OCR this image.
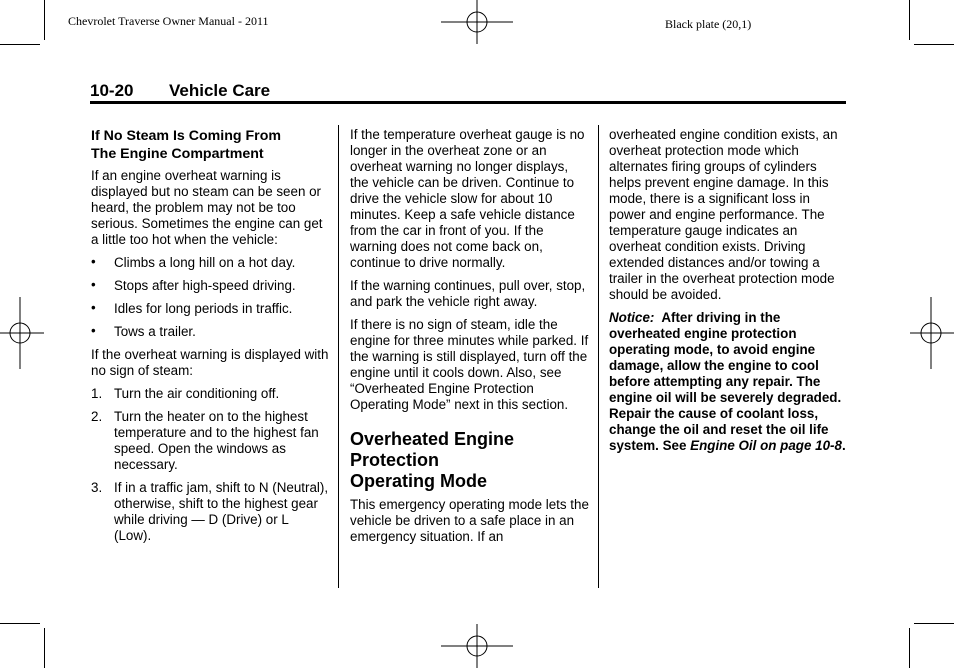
Chevrolet Traverse Owner Manual - 2011	Black plate (20,1)
10-20 Vehicle Care
If No Steam Is Coming From
The Engine Compartment

If an engine overheat warning is displayed but no steam can be seen or heard, the problem may not be too serious. Sometimes the engine can get a little too hot when the vehicle:

• Climbs a long hill on a hot day.
• Stops after high-speed driving.
• Idles for long periods in traffic.
• Tows a trailer.

If the overheat warning is displayed with no sign of steam:

1. Turn the air conditioning off.
2. Turn the heater on to the highest temperature and to the highest fan speed. Open the windows as necessary.
3. If in a traffic jam, shift to N (Neutral), otherwise, shift to the highest gear while driving — D (Drive) or L (Low).

If the temperature overheat gauge is no longer in the overheat zone or an overheat warning no longer displays, the vehicle can be driven. Continue to drive the vehicle slow for about 10 minutes. Keep a safe vehicle distance from the car in front of you. If the warning does not come back on, continue to drive normally.

If the warning continues, pull over, stop, and park the vehicle right away.

If there is no sign of steam, idle the engine for three minutes while parked. If the warning is still displayed, turn off the engine until it cools down. Also, see “Overheated Engine Protection Operating Mode” next in this section.

Overheated Engine
Protection
Operating Mode

This emergency operating mode lets the vehicle be driven to a safe place in an emergency situation. If an

overheated engine condition exists, an overheat protection mode which alternates firing groups of cylinders helps prevent engine damage. In this mode, there is a significant loss in power and engine performance. The temperature gauge indicates an overheat condition exists. Driving extended distances and/or towing a trailer in the overheat protection mode should be avoided.

Notice: After driving in the overheated engine protection operating mode, to avoid engine damage, allow the engine to cool before attempting any repair. The engine oil will be severely degraded. Repair the cause of coolant loss, change the oil and reset the oil life system. See Engine Oil on page 10-8.
